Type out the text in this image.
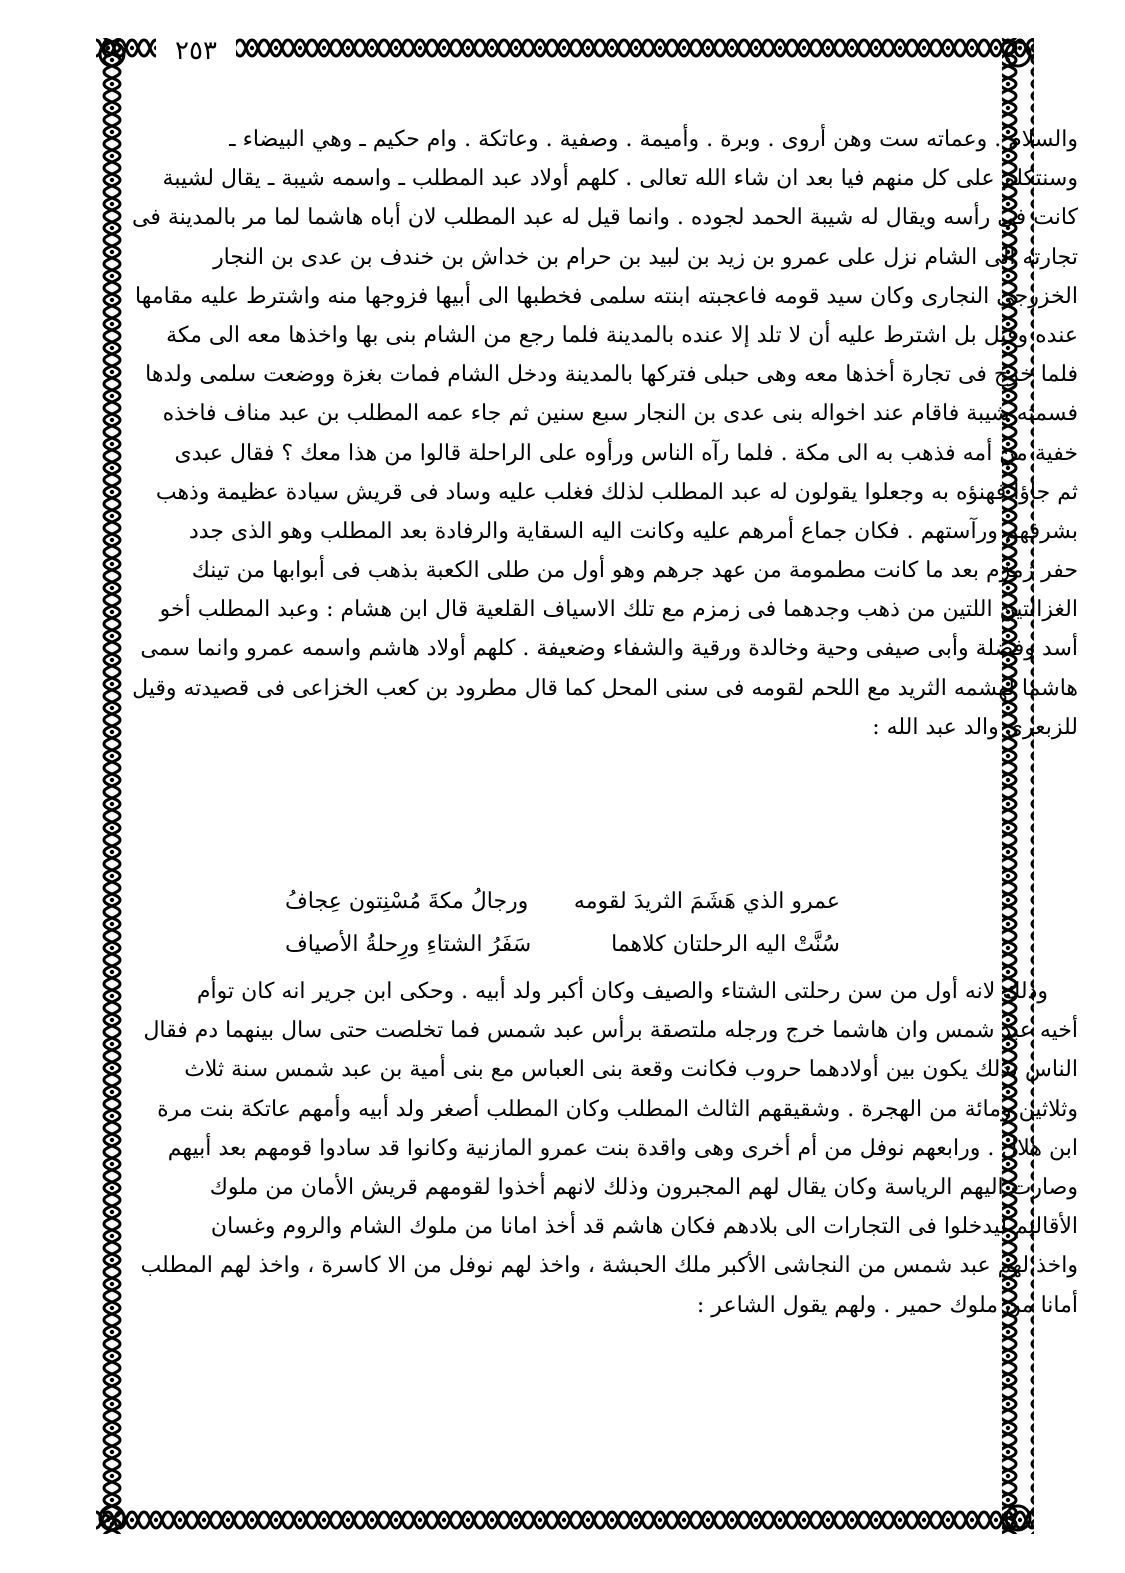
٢٥٣
والسلام . وعماته ست وهن أروى . وبرة . وأميمة . وصفية . وعاتكة . وام حكيم ـ وهي البيضاء ـ
وسنتكلم على كل منهم فيا بعد ان شاء الله تعالى . كلهم أولاد عبد المطلب ـ واسمه شيبة ـ يقال لشيبة
كانت فى رأسه ويقال له شيبة الحمد لجوده . وانما قيل له عبد المطلب لان أباه هاشما لما مر بالمدينة فى
تجارته الى الشام نزل على عمرو بن زيد بن لبيد بن حرام بن خداش بن خندف بن عدى بن النجار
الخزرجي النجارى وكان سيد قومه فاعجبته ابنته سلمى فخطبها الى أبيها فزوجها منه واشترط عليه مقامها
عنده وقيل بل اشترط عليه أن لا تلد إلا عنده بالمدينة فلما رجع من الشام بنى بها واخذها معه الى مكة
فلما خرج فى تجارة أخذها معه وهى حبلى فتركها بالمدينة ودخل الشام فمات بغزة ووضعت سلمى ولدها
فسمته شيبة فاقام عند اخواله بنى عدى بن النجار سبع سنين ثم جاء عمه المطلب بن عبد مناف فاخذه
خفية من أمه فذهب به الى مكة . فلما رآه الناس ورأوه على الراحلة قالوا من هذا معك ؟ فقال عبدى
ثم جاؤا فهنؤه به وجعلوا يقولون له عبد المطلب لذلك فغلب عليه وساد فى قريش سيادة عظيمة وذهب
بشرفهم ورآستهم . فكان جماع أمرهم عليه وكانت اليه السقاية والرفادة بعد المطلب وهو الذى جدد
حفر زمزم بعد ما كانت مطمومة من عهد جرهم وهو أول من طلى الكعبة بذهب فى أبوابها من تينك
الغزالتين اللتين من ذهب وجدهما فى زمزم مع تلك الاسياف القلعية قال ابن هشام : وعبد المطلب أخو
أسد وفضلة وأبى صيفى وحية وخالدة ورقية والشفاء وضعيفة . كلهم أولاد هاشم واسمه عمرو وانما سمى
هاشما لهشمه الثريد مع اللحم لقومه فى سنى المحل كما قال مطرود بن كعب الخزاعى فى قصيدته وقيل
للزبعرى والد عبد الله :
عمرو الذي هَشَمَ الثريدَ لقومه
ورجالُ مكةَ مُسْنِتون عِجافُ
سُنَّتْ اليه الرحلتان كلاهما
سَفَرُ الشتاءِ ورِحلةُ الأصياف
وذلك لانه أول من سن رحلتى الشتاء والصيف وكان أكبر ولد أبيه . وحكى ابن جرير انه كان توأم
أخيه عبد شمس وان هاشما خرج ورجله ملتصقة برأس عبد شمس فما تخلصت حتى سال بينهما دم فقال
الناس بذلك يكون بين أولادهما حروب فكانت وقعة بنى العباس مع بنى أمية بن عبد شمس سنة ثلاث
وثلاثين ومائة من الهجرة . وشقيقهم الثالث المطلب وكان المطلب أصغر ولد أبيه وأمهم عاتكة بنت مرة
ابن هلال . ورابعهم نوفل من أم أخرى وهى واقدة بنت عمرو المازنية وكانوا قد سادوا قومهم بعد أبيهم
وصارت اليهم الرياسة وكان يقال لهم المجبرون وذلك لانهم أخذوا لقومهم قريش الأمان من ملوك
الأقاليم ليدخلوا فى التجارات الى بلادهم فكان هاشم قد أخذ امانا من ملوك الشام والروم وغسان
واخذ لهم عبد شمس من النجاشى الأكبر ملك الحبشة ، واخذ لهم نوفل من الا كاسرة ، واخذ لهم المطلب
أمانا من ملوك حمير . ولهم يقول الشاعر :
